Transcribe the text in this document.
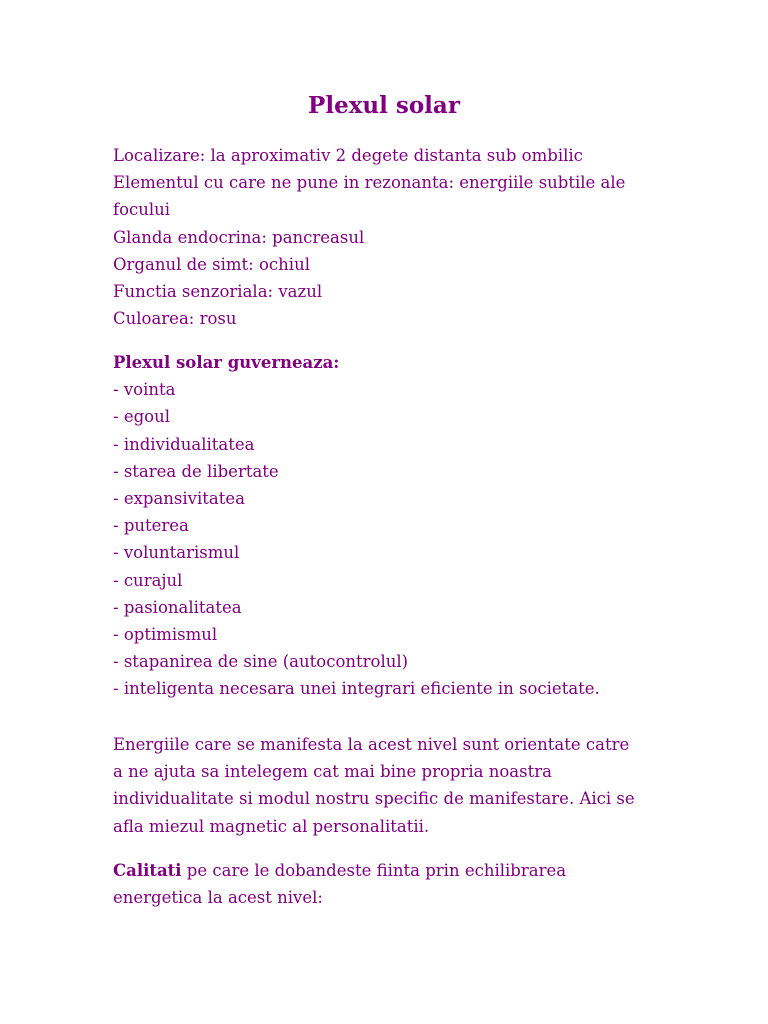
Plexul solar
Localizare: la aproximativ 2 degete distanta sub ombilic
Elementul cu care ne pune in rezonanta: energiile subtile ale
focului
Glanda endocrina: pancreasul
Organul de simt: ochiul
Functia senzoriala: vazul
Culoarea: rosu
Plexul solar guverneaza:
- vointa
- egoul
- individualitatea
- starea de libertate
- expansivitatea
- puterea
- voluntarismul
- curajul
- pasionalitatea
- optimismul
- stapanirea de sine (autocontrolul)
- inteligenta necesara unei integrari eficiente in societate.
Energiile care se manifesta la acest nivel sunt orientate catre
a ne ajuta sa intelegem cat mai bine propria noastra
individualitate si modul nostru specific de manifestare. Aici se
afla miezul magnetic al personalitatii.
Calitati pe care le dobandeste fiinta prin echilibrarea
energetica la acest nivel:
